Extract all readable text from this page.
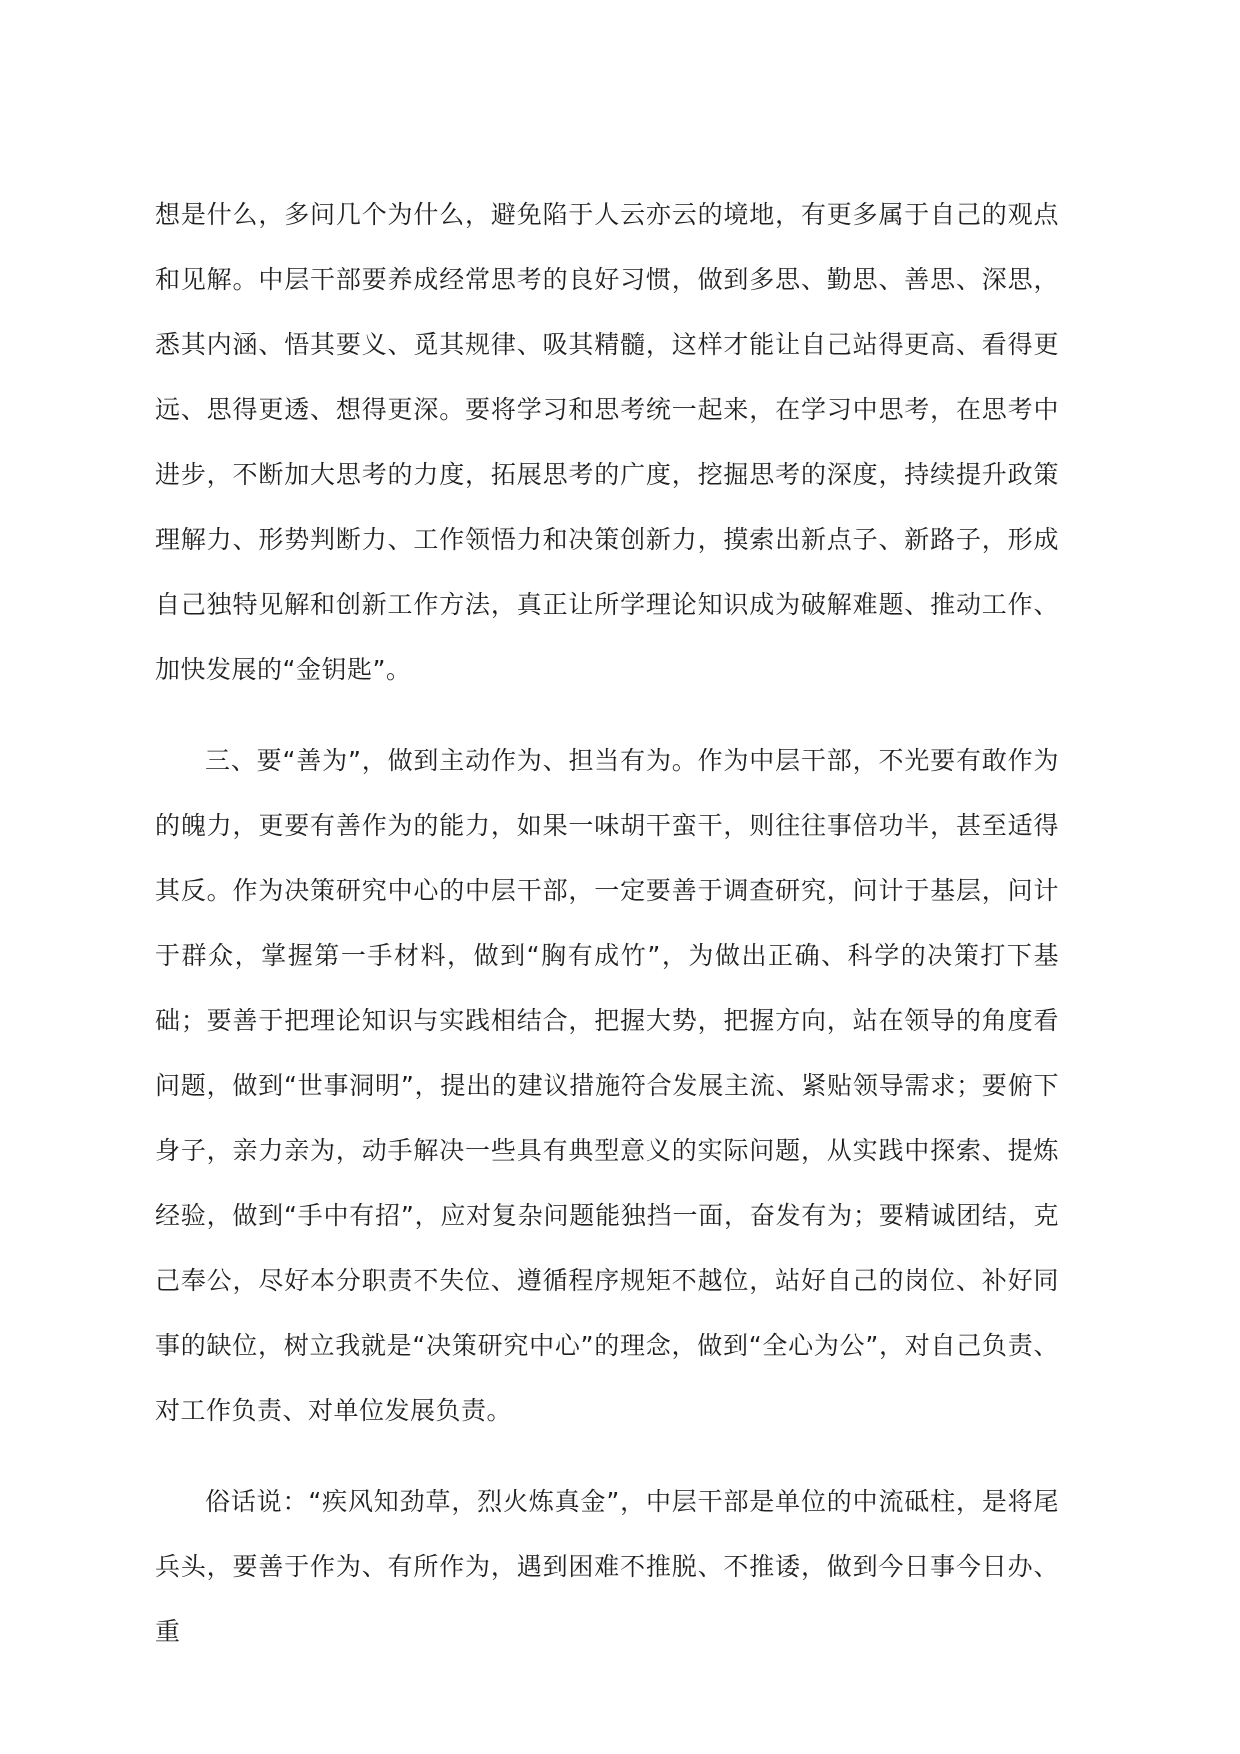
想是什么，多问几个为什么，避免陷于人云亦云的境地，有更多属于自己的观点和见解。中层干部要养成经常思考的良好习惯，做到多思、勤思、善思、深思，悉其内涵、悟其要义、觅其规律、吸其精髓，这样才能让自己站得更高、看得更远、思得更透、想得更深。要将学习和思考统一起来，在学习中思考，在思考中进步，不断加大思考的力度，拓展思考的广度，挖掘思考的深度，持续提升政策理解力、形势判断力、工作领悟力和决策创新力，摸索出新点子、新路子，形成自己独特见解和创新工作方法，真正让所学理论知识成为破解难题、推动工作、加快发展的“金钥匙”。

三、要“善为”，做到主动作为、担当有为。作为中层干部，不光要有敢作为的魄力，更要有善作为的能力，如果一味胡干蛮干，则往往事倍功半，甚至适得其反。作为决策研究中心的中层干部，一定要善于调查研究，问计于基层，问计于群众，掌握第一手材料，做到“胸有成竹”，为做出正确、科学的决策打下基础；要善于把理论知识与实践相结合，把握大势，把握方向，站在领导的角度看问题，做到“世事洞明”，提出的建议措施符合发展主流、紧贴领导需求；要俯下身子，亲力亲为，动手解决一些具有典型意义的实际问题，从实践中探索、提炼经验，做到“手中有招”，应对复杂问题能独挡一面，奋发有为；要精诚团结，克己奉公，尽好本分职责不失位、遵循程序规矩不越位，站好自己的岗位、补好同事的缺位，树立我就是“决策研究中心”的理念，做到“全心为公”，对自己负责、对工作负责、对单位发展负责。

俗话说：“疾风知劲草，烈火炼真金”，中层干部是单位的中流砥柱，是将尾兵头，要善于作为、有所作为，遇到困难不推脱、不推诿，做到今日事今日办、重
